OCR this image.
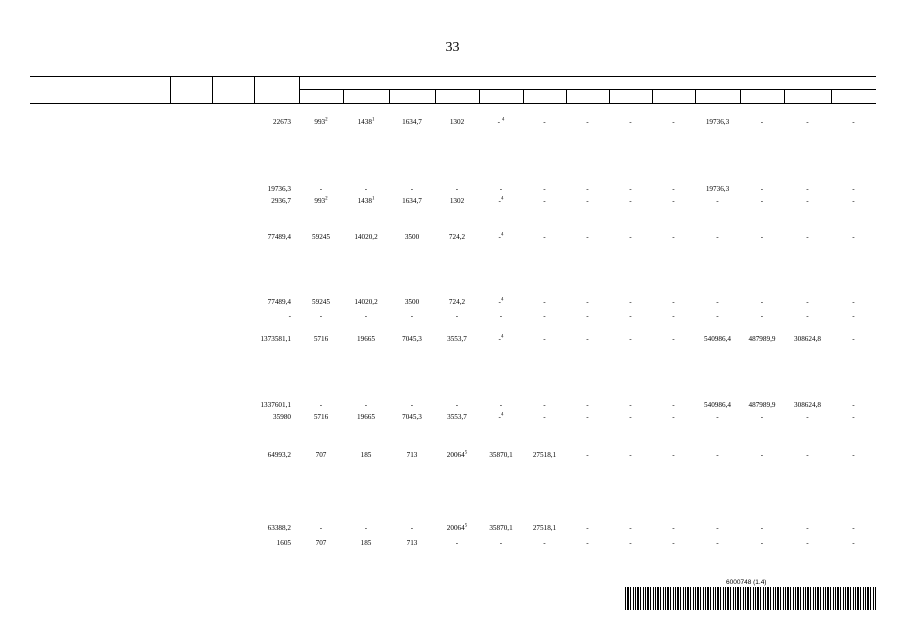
33
22673	$993^2$	1438$^1$	1634,7	1302	- $^4$	-	-	-	-	19736,3	-	-	-
19736,3	-	-	-	-	-	-	-	-	-	19736,3	-	-	-
2936,7	$993^2$	1438$^1$	1634,7	1302	-$^4$	-	-	-	-	-	-	-	-
77489,4	59245	14020,2	3500	724,2	-$^4$	-	-	-	-	-	-	-	-
77489,4	59245	14020,2	3500	724,2	-$^4$	-	-	-	-	-	-	-	-
-	-	-	-	-	-	-	-	-	-	-	-	-	-
1373581,1	5716	19665	7045,3	3553,7	-$^4$	-	-	-	-	540986,4	487989,9	308624,8	-
1337601,1	-	-	-	-	-	-	-	-	-	540986,4	487989,9	308624,8	-
35980	5716	19665	7045,3	3553,7	-$^4$	-	-	-	-	-	-	-	-
64993,2	707	185	713	20064$^5$	35870,1	27518,1	-	-	-	-	-	-	-
63388,2	-	-	-	20064$^5$	35870,1	27518,1	-	-	-	-	-	-	-
1605	707	185	713	-	-	-	-	-	-	-	-	-	-
6000748 (1.4)
